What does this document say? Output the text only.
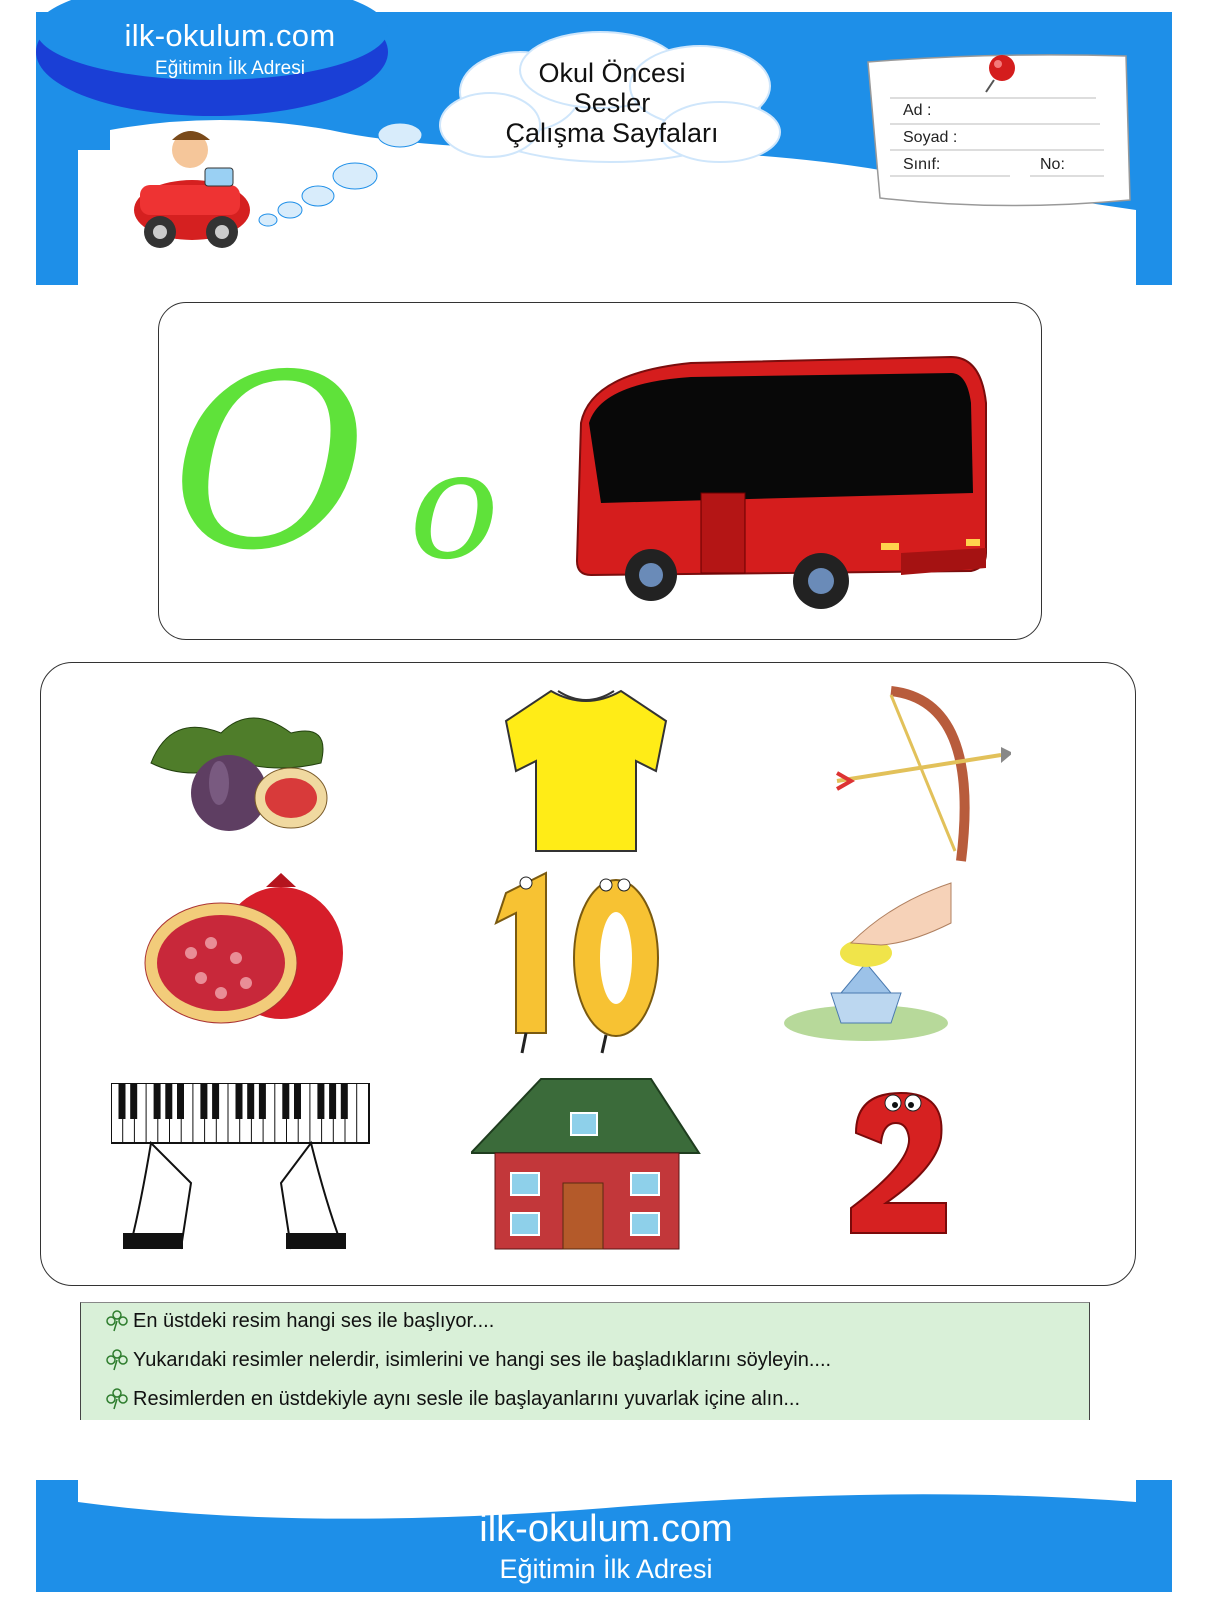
ilk-okulum.com
Eğitimin İlk Adresi	Okul Öncesi
Sesler
Çalışma Sayfaları
Ad :
Soyad :
Sınıf:	No:
O o
En üstdeki resim hangi ses ile başlıyor....
Yukarıdaki resimler nelerdir, isimlerini ve hangi ses ile başladıklarını söyleyin....
Resimlerden en üstdekiyle aynı sesle ile başlayanlarını yuvarlak içine alın...
ilk-okulum.com
Eğitimin İlk Adresi
